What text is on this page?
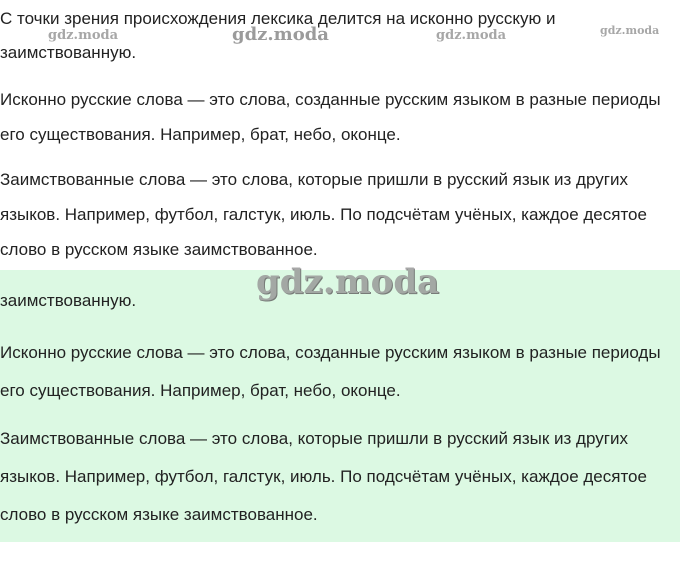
С точки зрения происхождения лексика делится на исконно русскую и заимствованную.

Исконно русские слова — это слова, созданные русским языком в разные периоды его существования. Например, брат, небо, оконце.

Заимствованные слова — это слова, которые пришли в русский язык из других языков. Например, футбол, галстук, июль. По подсчётам учёных, каждое десятое слово в русском языке заимствованное.

заимствованную.

Исконно русские слова — это слова, созданные русским языком в разные периоды его существования. Например, брат, небо, оконце.

Заимствованные слова — это слова, которые пришли в русский язык из других языков. Например, футбол, галстук, июль. По подсчётам учёных, каждое десятое слово в русском языке заимствованное.

gdz.moda	gdz.moda	gdz.moda	gdz.moda
gdz.moda
